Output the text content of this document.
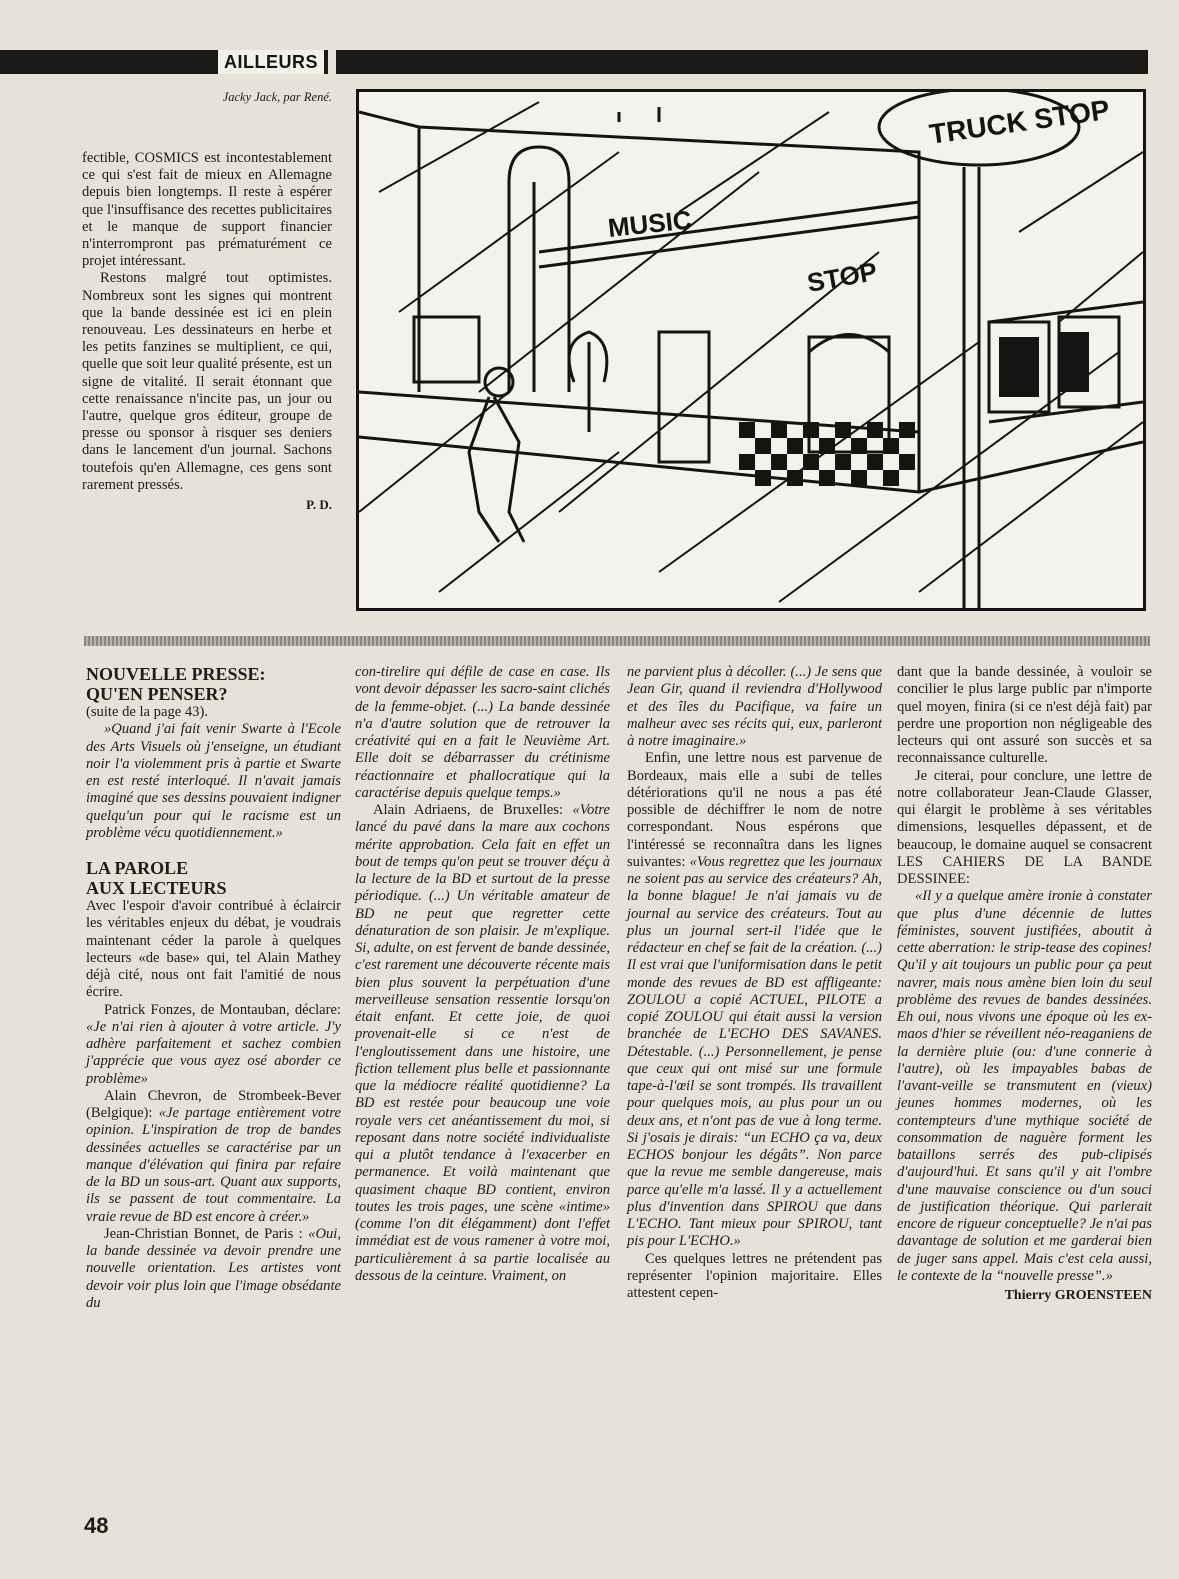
AILLEURS
Jacky Jack, par René.

fectible, COSMICS est incontestablement ce qui s'est fait de mieux en Allemagne depuis bien longtemps. Il reste à espérer que l'insuffisance des recettes publicitaires et le manque de support financier n'interrompront pas prématurément ce projet intéressant.

Restons malgré tout optimistes. Nombreux sont les signes qui montrent que la bande dessinée est ici en plein renouveau. Les dessinateurs en herbe et les petits fanzines se multiplient, ce qui, quelle que soit leur qualité présente, est un signe de vitalité. Il serait étonnant que cette renaissance n'incite pas, un jour ou l'autre, quelque gros éditeur, groupe de presse ou sponsor à risquer ses deniers dans le lancement d'un journal. Sachons toutefois qu'en Allemagne, ces gens sont rarement pressés.

P. D.
TRUCK STOP
MUSIC
STOP
NOUVELLE PRESSE:
QU'EN PENSER?

(suite de la page 43).

»Quand j'ai fait venir Swarte à l'Ecole des Arts Visuels où j'enseigne, un étudiant noir l'a violemment pris à partie et Swarte en est resté interloqué. Il n'avait jamais imaginé que ses dessins pouvaient indigner quelqu'un pour qui le racisme est un problème vécu quotidiennement.»

LA PAROLE
AUX LECTEURS

Avec l'espoir d'avoir contribué à éclaircir les véritables enjeux du débat, je voudrais maintenant céder la parole à quelques lecteurs «de base» qui, tel Alain Mathey déjà cité, nous ont fait l'amitié de nous écrire.

Patrick Fonzes, de Montauban, déclare: «Je n'ai rien à ajouter à votre article. J'y adhère parfaitement et sachez combien j'apprécie que vous ayez osé aborder ce problème»

Alain Chevron, de Strombeek-Bever (Belgique): «Je partage entièrement votre opinion. L'inspiration de trop de bandes dessinées actuelles se caractérise par un manque d'élévation qui finira par refaire de la BD un sous-art. Quant aux supports, ils se passent de tout commentaire. La vraie revue de BD est encore à créer.»

Jean-Christian Bonnet, de Paris : «Oui, la bande dessinée va devoir prendre une nouvelle orientation. Les artistes vont devoir voir plus loin que l'image obsédante du

con-tirelire qui défile de case en case. Ils vont devoir dépasser les sacro-saint clichés de la femme-objet. (...) La bande dessinée n'a d'autre solution que de retrouver la créativité qui en a fait le Neuvième Art. Elle doit se débarrasser du crétinisme réactionnaire et phallocratique qui la caractérise depuis quelque temps.»

Alain Adriaens, de Bruxelles: «Votre lancé du pavé dans la mare aux cochons mérite approbation. Cela fait en effet un bout de temps qu'on peut se trouver déçu à la lecture de la BD et surtout de la presse périodique. (...) Un véritable amateur de BD ne peut que regretter cette dénaturation de son plaisir. Je m'explique. Si, adulte, on est fervent de bande dessinée, c'est rarement une découverte récente mais bien plus souvent la perpétuation d'une merveilleuse sensation ressentie lorsqu'on était enfant. Et cette joie, de quoi provenait-elle si ce n'est de l'engloutissement dans une histoire, une fiction tellement plus belle et passionnante que la médiocre réalité quotidienne? La BD est restée pour beaucoup une voie royale vers cet anéantissement du moi, si reposant dans notre société individualiste qui a plutôt tendance à l'exacerber en permanence. Et voilà maintenant que quasiment chaque BD contient, environ toutes les trois pages, une scène «intime» (comme l'on dit élégamment) dont l'effet immédiat est de vous ramener à votre moi, particulièrement à sa partie localisée au dessous de la ceinture. Vraiment, on

ne parvient plus à décoller. (...) Je sens que Jean Gir, quand il reviendra d'Hollywood et des îles du Pacifique, va faire un malheur avec ses récits qui, eux, parleront à notre imaginaire.»

Enfin, une lettre nous est parvenue de Bordeaux, mais elle a subi de telles détériorations qu'il ne nous a pas été possible de déchiffrer le nom de notre correspondant. Nous espérons que l'intéressé se reconnaîtra dans les lignes suivantes: «Vous regrettez que les journaux ne soient pas au service des créateurs? Ah, la bonne blague! Je n'ai jamais vu de journal au service des créateurs. Tout au plus un journal sert-il l'idée que le rédacteur en chef se fait de la création. (...) Il est vrai que l'uniformisation dans le petit monde des revues de BD est affligeante: ZOULOU a copié ACTUEL, PILOTE a copié ZOULOU qui était aussi la version branchée de L'ECHO DES SAVANES. Détestable. (...) Personnellement, je pense que ceux qui ont misé sur une formule tape-à-l'œil se sont trompés. Ils travaillent pour quelques mois, au plus pour un ou deux ans, et n'ont pas de vue à long terme. Si j'osais je dirais: “un ECHO ça va, deux ECHOS bonjour les dégâts”. Non parce que la revue me semble dangereuse, mais parce qu'elle m'a lassé. Il y a actuellement plus d'invention dans SPIROU que dans L'ECHO. Tant mieux pour SPIROU, tant pis pour L'ECHO.»

Ces quelques lettres ne prétendent pas représenter l'opinion majoritaire. Elles attestent cepen-

dant que la bande dessinée, à vouloir se concilier le plus large public par n'importe quel moyen, finira (si ce n'est déjà fait) par perdre une proportion non négligeable des lecteurs qui ont assuré son succès et sa reconnaissance culturelle.

Je citerai, pour conclure, une lettre de notre collaborateur Jean-Claude Glasser, qui élargit le problème à ses véritables dimensions, lesquelles dépassent, et de beaucoup, le domaine auquel se consacrent LES CAHIERS DE LA BANDE DESSINEE:

«Il y a quelque amère ironie à constater que plus d'une décennie de luttes féministes, souvent justifiées, aboutit à cette aberration: le strip-tease des copines! Qu'il y ait toujours un public pour ça peut navrer, mais nous amène bien loin du seul problème des revues de bandes dessinées. Eh oui, nous vivons une époque où les ex-maos d'hier se réveillent néo-reaganiens de la dernière pluie (ou: d'une connerie à l'autre), où les impayables babas de l'avant-veille se transmutent en (vieux) jeunes hommes modernes, où les contempteurs d'une mythique société de consommation de naguère forment les bataillons serrés des pub-clipisés d'aujourd'hui. Et sans qu'il y ait l'ombre d'une mauvaise conscience ou d'un souci de justification théorique. Qui parlerait encore de rigueur conceptuelle? Je n'ai pas davantage de solution et me garderai bien de juger sans appel. Mais c'est cela aussi, le contexte de la “nouvelle presse”.»

Thierry GROENSTEEN
48
